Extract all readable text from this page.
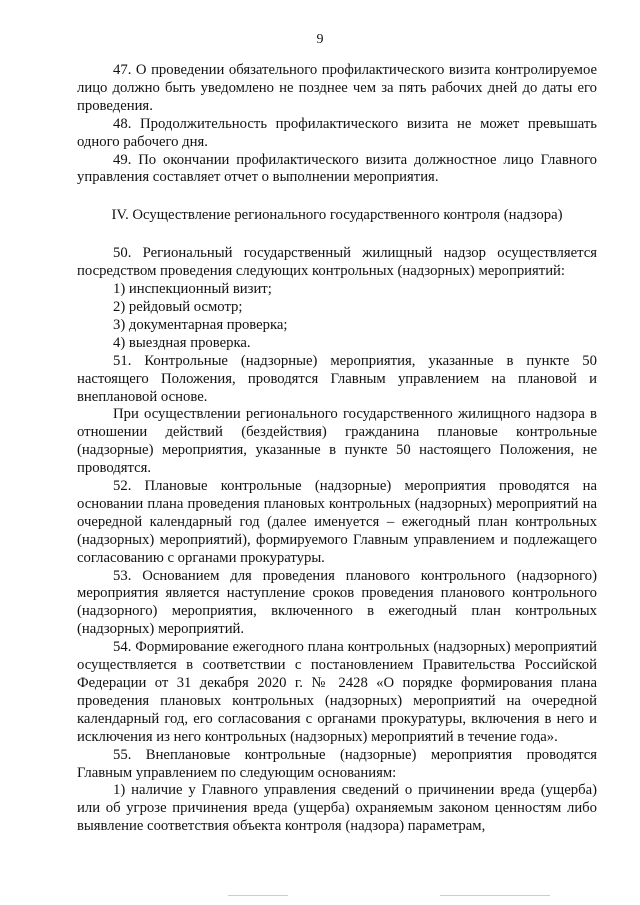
9

47. О проведении обязательного профилактического визита контролируемое лицо должно быть уведомлено не позднее чем за пять рабочих дней до даты его проведения.

48. Продолжительность профилактического визита не может превышать одного рабочего дня.

49. По окончании профилактического визита должностное лицо Главного управления составляет отчет о выполнении мероприятия.

IV. Осуществление регионального государственного контроля (надзора)

50. Региональный государственный жилищный надзор осуществляется посредством проведения следующих контрольных (надзорных) мероприятий:

1) инспекционный визит;

2) рейдовый осмотр;

3) документарная проверка;

4) выездная проверка.

51. Контрольные (надзорные) мероприятия, указанные в пункте 50 настоящего Положения, проводятся Главным управлением на плановой и внеплановой основе.

При осуществлении регионального государственного жилищного надзора в отношении действий (бездействия) гражданина плановые контрольные (надзорные) мероприятия, указанные в пункте 50 настоящего Положения, не проводятся.

52. Плановые контрольные (надзорные) мероприятия проводятся на основании плана проведения плановых контрольных (надзорных) мероприятий на очередной календарный год (далее именуется – ежегодный план контрольных (надзорных) мероприятий), формируемого Главным управлением и подлежащего согласованию с органами прокуратуры.

53. Основанием для проведения планового контрольного (надзорного) мероприятия является наступление сроков проведения планового контрольного (надзорного) мероприятия, включенного в ежегодный план контрольных (надзорных) мероприятий.

54. Формирование ежегодного плана контрольных (надзорных) мероприятий осуществляется в соответствии с постановлением Правительства Российской Федерации от 31 декабря 2020 г. № 2428 «О порядке формирования плана проведения плановых контрольных (надзорных) мероприятий на очередной календарный год, его согласования с органами прокуратуры, включения в него и исключения из него контрольных (надзорных) мероприятий в течение года».

55. Внеплановые контрольные (надзорные) мероприятия проводятся Главным управлением по следующим основаниям:

1) наличие у Главного управления сведений о причинении вреда (ущерба) или об угрозе причинения вреда (ущерба) охраняемым законом ценностям либо выявление соответствия объекта контроля (надзора) параметрам,
